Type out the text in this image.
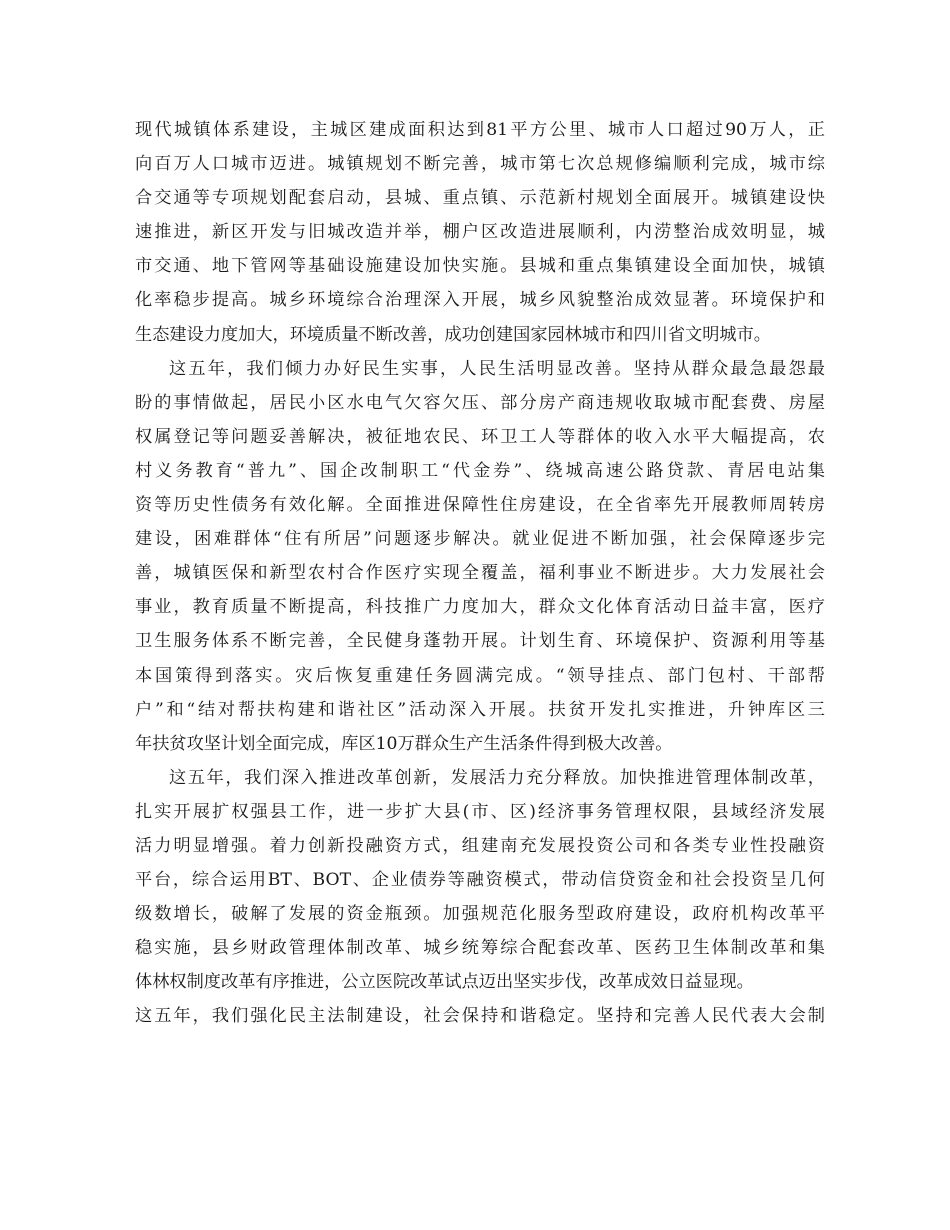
现代城镇体系建设，主城区建成面积达到81平方公里、城市人口超过90万人，正
向百万人口城市迈进。城镇规划不断完善，城市第七次总规修编顺利完成，城市综
合交通等专项规划配套启动，县城、重点镇、示范新村规划全面展开。城镇建设快
速推进，新区开发与旧城改造并举，棚户区改造进展顺利，内涝整治成效明显，城
市交通、地下管网等基础设施建设加快实施。县城和重点集镇建设全面加快，城镇
化率稳步提高。城乡环境综合治理深入开展，城乡风貌整治成效显著。环境保护和
生态建设力度加大，环境质量不断改善，成功创建国家园林城市和四川省文明城市。
这五年，我们倾力办好民生实事，人民生活明显改善。坚持从群众最急最怨最
盼的事情做起，居民小区水电气欠容欠压、部分房产商违规收取城市配套费、房屋
权属登记等问题妥善解决，被征地农民、环卫工人等群体的收入水平大幅提高，农
村义务教育“普九”、国企改制职工“代金券”、绕城高速公路贷款、青居电站集
资等历史性债务有效化解。全面推进保障性住房建设，在全省率先开展教师周转房
建设，困难群体“住有所居”问题逐步解决。就业促进不断加强，社会保障逐步完
善，城镇医保和新型农村合作医疗实现全覆盖，福利事业不断进步。大力发展社会
事业，教育质量不断提高，科技推广力度加大，群众文化体育活动日益丰富，医疗
卫生服务体系不断完善，全民健身蓬勃开展。计划生育、环境保护、资源利用等基
本国策得到落实。灾后恢复重建任务圆满完成。“领导挂点、部门包村、干部帮
户”和“结对帮扶构建和谐社区”活动深入开展。扶贫开发扎实推进，升钟库区三
年扶贫攻坚计划全面完成，库区10万群众生产生活条件得到极大改善。
这五年，我们深入推进改革创新，发展活力充分释放。加快推进管理体制改革，
扎实开展扩权强县工作，进一步扩大县(市、区)经济事务管理权限，县域经济发展
活力明显增强。着力创新投融资方式，组建南充发展投资公司和各类专业性投融资
平台，综合运用BT、BOT、企业债券等融资模式，带动信贷资金和社会投资呈几何
级数增长，破解了发展的资金瓶颈。加强规范化服务型政府建设，政府机构改革平
稳实施，县乡财政管理体制改革、城乡统筹综合配套改革、医药卫生体制改革和集
体林权制度改革有序推进，公立医院改革试点迈出坚实步伐，改革成效日益显现。
这五年，我们强化民主法制建设，社会保持和谐稳定。坚持和完善人民代表大会制
